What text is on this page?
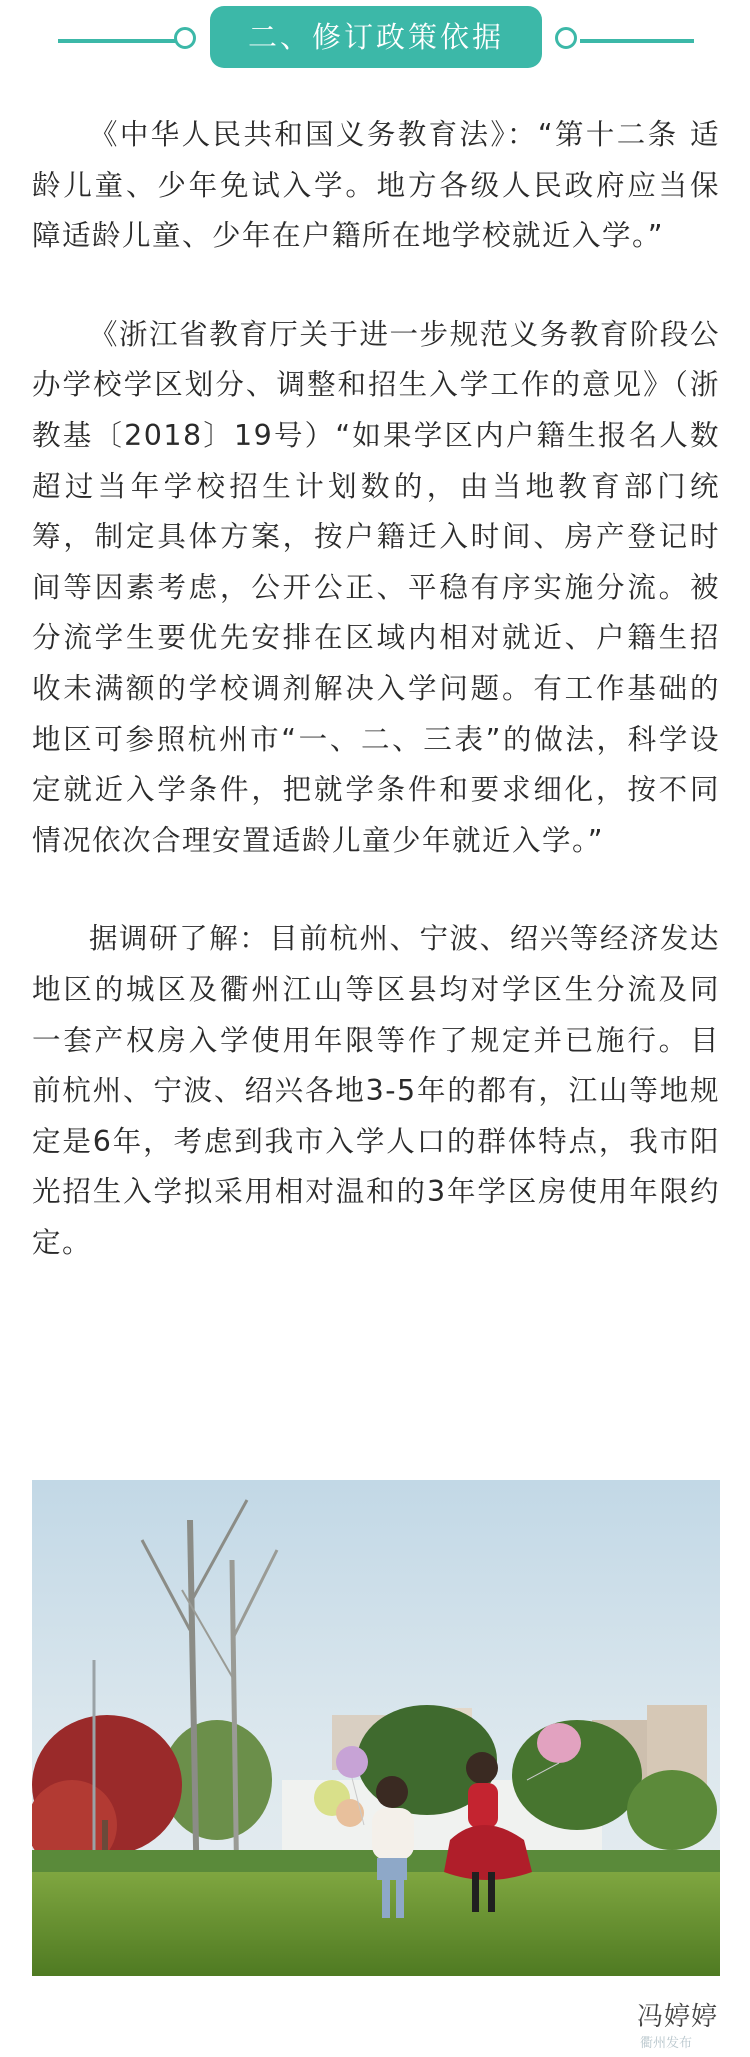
二、修订政策依据

《中华人民共和国义务教育法》：“第十二条 适龄儿童、少年免试入学。地方各级人民政府应当保障适龄儿童、少年在户籍所在地学校就近入学。”

《浙江省教育厅关于进一步规范义务教育阶段公办学校学区划分、调整和招生入学工作的意见》（浙教基〔2018〕19号）“如果学区内户籍生报名人数超过当年学校招生计划数的，由当地教育部门统筹，制定具体方案，按户籍迁入时间、房产登记时间等因素考虑，公开公正、平稳有序实施分流。被分流学生要优先安排在区域内相对就近、户籍生招收未满额的学校调剂解决入学问题。有工作基础的地区可参照杭州市“一、二、三表”的做法，科学设定就近入学条件，把就学条件和要求细化，按不同情况依次合理安置适龄儿童少年就近入学。”

据调研了解：目前杭州、宁波、绍兴等经济发达地区的城区及衢州江山等区县均对学区生分流及同一套产权房入学使用年限等作了规定并已施行。目前杭州、宁波、绍兴各地3-5年的都有，江山等地规定是6年，考虑到我市入学人口的群体特点，我市阳光招生入学拟采用相对温和的3年学区房使用年限约定。

冯婷婷
衢州发布
